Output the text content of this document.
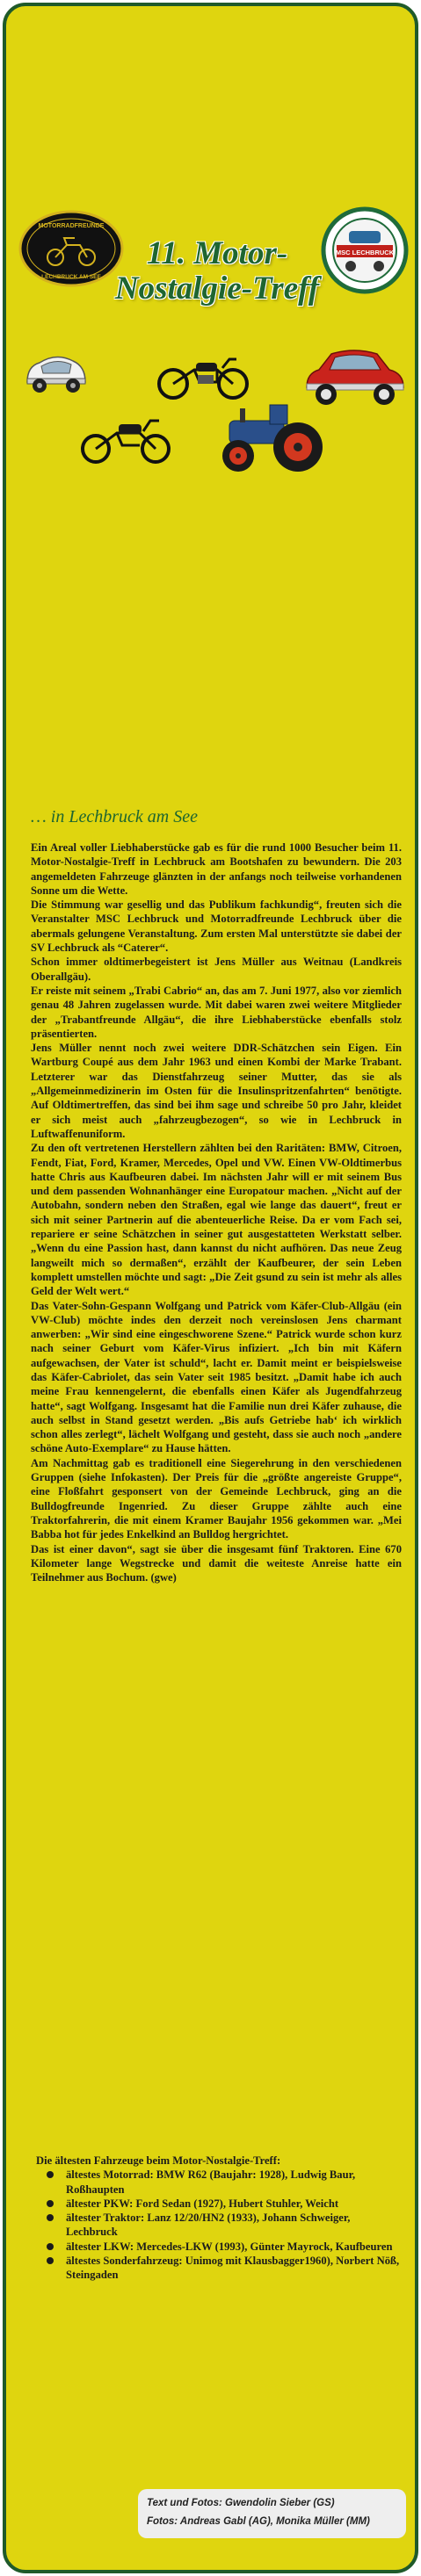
MOTORRADFREUNDE
LECHBRUCK AM SEE
11. Motor-Nostalgie-Treff
MSC LECHBRUCK
… in Lechbruck am See

Ein Areal voller Liebhaberstücke gab es für die rund 1000 Besucher beim 11. Motor-Nostalgie-Treff in Lechbruck am Bootshafen zu bewundern. Die 203 angemeldeten Fahrzeuge glänzten in der anfangs noch teilweise vorhandenen Sonne um die Wette.

Die Stimmung war gesellig und das Publikum fachkundig“, freuten sich die Veranstalter MSC Lechbruck und Motorradfreunde Lechbruck über die abermals gelungene Veranstaltung. Zum ersten Mal unterstützte sie dabei der SV Lechbruck als “Caterer“.

Schon immer oldtimerbegeistert ist Jens Müller aus Weitnau (Landkreis Oberallgäu).

Er reiste mit seinem „Trabi Cabrio“ an, das am 7. Juni 1977, also vor ziemlich genau 48 Jahren zugelassen wurde. Mit dabei waren zwei weitere Mitglieder der „Trabantfreunde Allgäu“, die ihre Liebhaberstücke ebenfalls stolz präsentierten.

Jens Müller nennt noch zwei weitere DDR-Schätzchen sein Eigen. Ein Wartburg Coupé aus dem Jahr 1963 und einen Kombi der Marke Trabant. Letzterer war das Dienstfahrzeug seiner Mutter, das sie als „Allgemeinmedizinerin im Osten für die Insulinspritzenfahrten“ benötigte. Auf Oldtimertreffen, das sind bei ihm sage und schreibe 50 pro Jahr, kleidet er sich meist auch „fahrzeugbezogen“, so wie in Lechbruck in Luftwaffenuniform.

Zu den oft vertretenen Herstellern zählten bei den Raritäten: BMW, Citroen, Fendt, Fiat, Ford, Kramer, Mercedes, Opel und VW. Einen VW-Oldtimerbus hatte Chris aus Kaufbeuren dabei. Im nächsten Jahr will er mit seinem Bus und dem passenden Wohnanhänger eine Europatour machen. „Nicht auf der Autobahn, sondern neben den Straßen, egal wie lange das dauert“, freut er sich mit seiner Partnerin auf die abenteuerliche Reise. Da er vom Fach sei, repariere er seine Schätzchen in seiner gut ausgestatteten Werkstatt selber. „Wenn du eine Passion hast, dann kannst du nicht aufhören. Das neue Zeug langweilt mich so dermaßen“, erzählt der Kaufbeurer, der sein Leben komplett umstellen möchte und sagt: „Die Zeit gsund zu sein ist mehr als alles Geld der Welt wert.“

Das Vater-Sohn-Gespann Wolfgang und Patrick vom Käfer-Club-Allgäu (ein VW-Club) möchte indes den derzeit noch vereinslosen Jens charmant anwerben: „Wir sind eine eingeschworene Szene.“ Patrick wurde schon kurz nach seiner Geburt vom Käfer-Virus infiziert. „Ich bin mit Käfern aufgewachsen, der Vater ist schuld“, lacht er. Damit meint er beispielsweise das Käfer-Cabriolet, das sein Vater seit 1985 besitzt. „Damit habe ich auch meine Frau kennengelernt, die ebenfalls einen Käfer als Jugendfahrzeug hatte“, sagt Wolfgang. Insgesamt hat die Familie nun drei Käfer zuhause, die auch selbst in Stand gesetzt werden. „Bis aufs Getriebe hab‘ ich wirklich schon alles zerlegt“, lächelt Wolfgang und gesteht, dass sie auch noch „andere schöne Auto-Exemplare“ zu Hause hätten.

Am Nachmittag gab es traditionell eine Siegerehrung in den verschiedenen Gruppen (siehe Infokasten). Der Preis für die „größte angereiste Gruppe“, eine Floßfahrt gesponsert von der Gemeinde Lechbruck, ging an die Bulldogfreunde Ingenried. Zu dieser Gruppe zählte auch eine Traktorfahrerin, die mit einem Kramer Baujahr 1956 gekommen war. „Mei Babba hot für jedes Enkelkind an Bulldog hergrichtet.

Das ist einer davon“, sagt sie über die insgesamt fünf Traktoren. Eine 670 Kilometer lange Wegstrecke und damit die weiteste Anreise hatte ein Teilnehmer aus Bochum. (gwe)

Die ältesten Fahrzeuge beim Motor-Nostalgie-Treff:
ältestes Motorrad: BMW R62 (Baujahr: 1928), Ludwig Baur, Roßhaupten
ältester PKW: Ford Sedan (1927), Hubert Stuhler, Weicht
ältester Traktor: Lanz 12/20/HN2 (1933), Johann Schweiger, Lechbruck
ältester LKW: Mercedes-LKW (1993), Günter Mayrock, Kaufbeuren
ältestes Sonderfahrzeug: Unimog mit Klausbagger1960), Norbert Nöß, Steingaden
Text und Fotos: Gwendolin Sieber (GS)
Fotos: Andreas Gabl (AG), Monika Müller (MM)
